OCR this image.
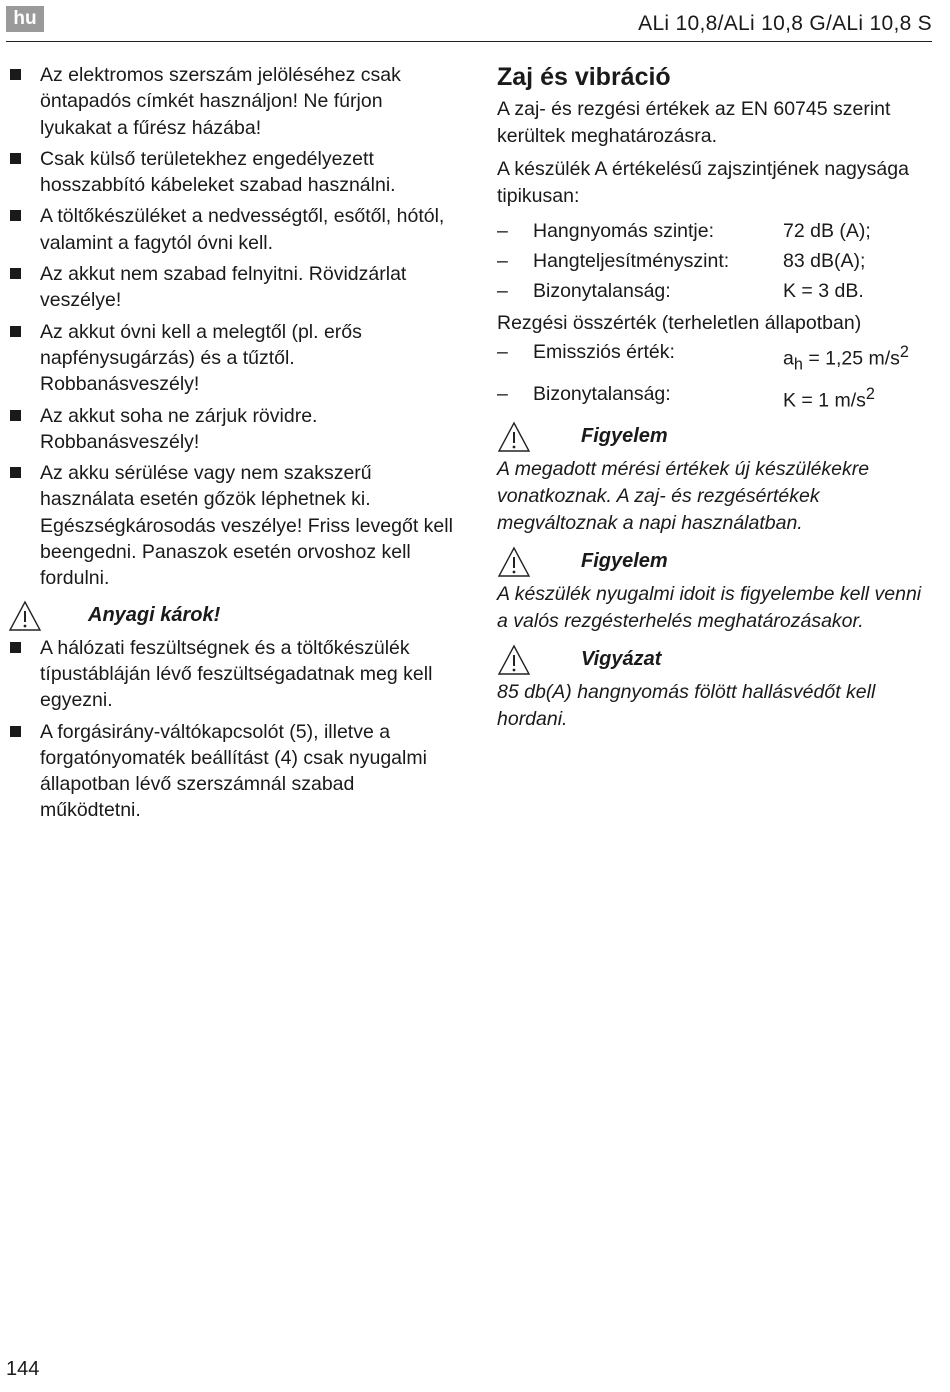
hu	ALi 10,8/ALi 10,8 G/ALi 10,8 S
Az elektromos szerszám jelöléséhez csak öntapadós címkét használjon! Ne fúrjon lyukakat a fűrész házába!
Csak külső területekhez engedélyezett hosszabbító kábeleket szabad használni.
A töltőkészüléket a nedvességtől, esőtől, hótól, valamint a fagytól óvni kell.
Az akkut nem szabad felnyitni. Rövidzárlat veszélye!
Az akkut óvni kell a melegtől (pl. erős napfénysugárzás) és a tűztől. Robbanásveszély!
Az akkut soha ne zárjuk rövidre. Robbanásveszély!
Az akku sérülése vagy nem szakszerű használata esetén gőzök léphetnek ki. Egészségkárosodás veszélye! Friss levegőt kell beengedni. Panaszok esetén orvoshoz kell fordulni.
Anyagi károk!
A hálózati feszültségnek és a töltőkészülék típustábláján lévő feszültségadatnak meg kell egyezni.
A forgásirány-váltókapcsolót (5), illetve a forgatónyomaték beállítást (4) csak nyugalmi állapotban lévő szerszámnál szabad működtetni.
Zaj és vibráció

A zaj- és rezgési értékek az EN 60745 szerint kerültek meghatározásra.

A készülék A értékelésű zajszintjének nagysága tipikusan:

–	Hangnyomás szintje:	72 dB (A);
–	Hangteljesítményszint:	83 dB(A);
–	Bizonytalanság:	K = 3 dB.

Rezgési összérték (terheletlen állapotban)

–	Emissziós érték:	$a_h = 1,25$ $m/s^2$
–	Bizonytalanság:	K = 1 $m/s^2$
Figyelem

A megadott mérési értékek új készülékekre vonatkoznak. A zaj- és rezgésértékek megváltoznak a napi használatban.

Figyelem

A készülék nyugalmi idoit is figyelembe kell venni a valós rezgésterhelés meghatározásakor.

Vigyázat

85 db(A) hangnyomás fölött hallásvédőt kell hordani.

144
